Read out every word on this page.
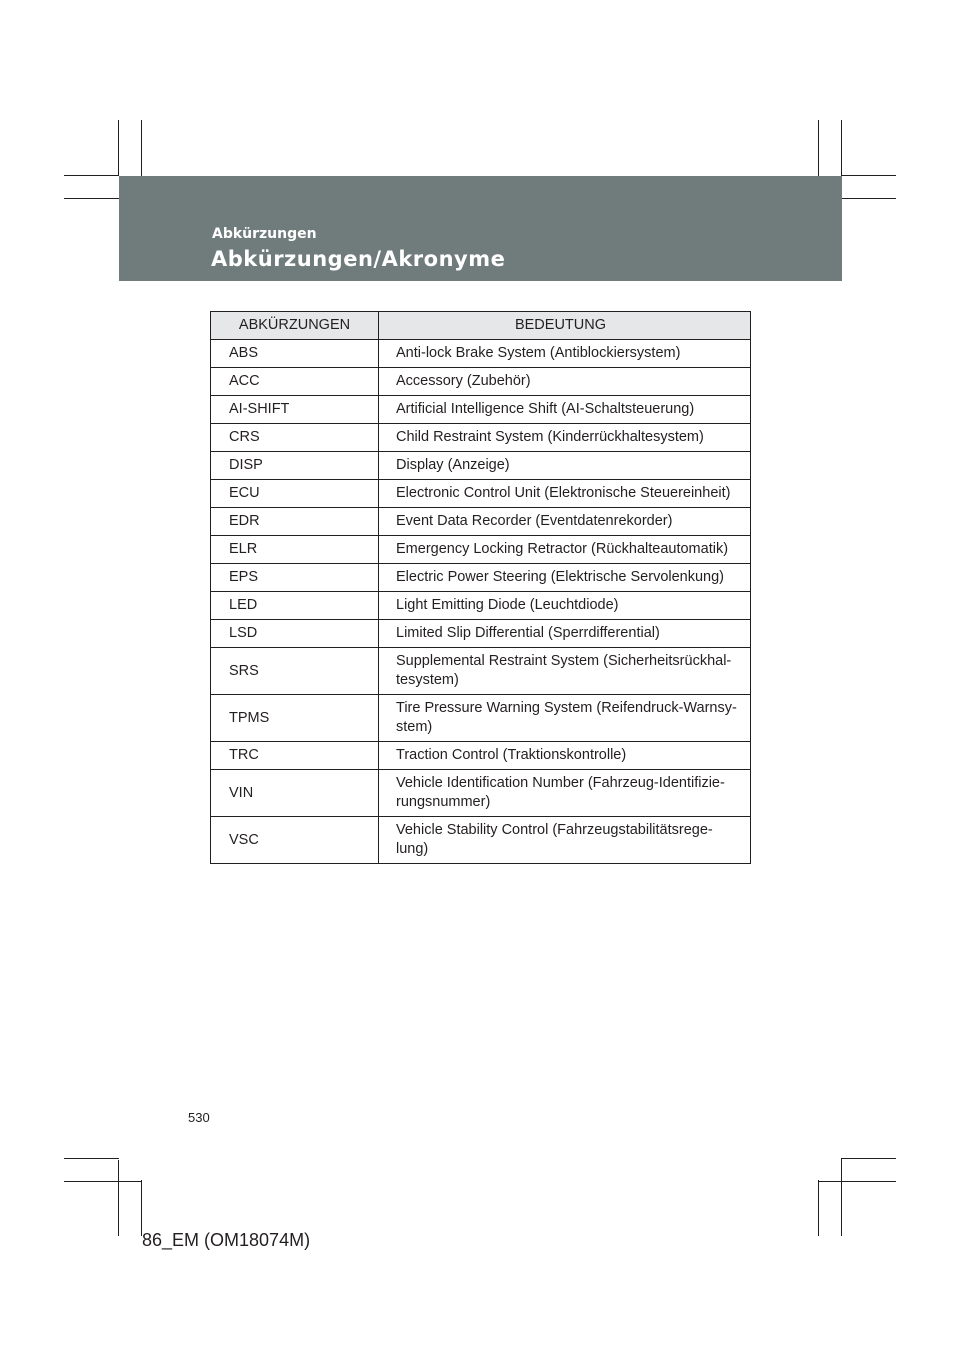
Abkürzungen
Abkürzungen/Akronyme
ABKÜRZUNGEN	BEDEUTUNG
ABS	Anti-lock Brake System (Antiblockiersystem)
ACC	Accessory (Zubehör)
AI-SHIFT	Artificial Intelligence Shift (AI-Schaltsteuerung)
CRS	Child Restraint System (Kinderrückhaltesystem)
DISP	Display (Anzeige)
ECU	Electronic Control Unit (Elektronische Steuereinheit)
EDR	Event Data Recorder (Eventdatenrekorder)
ELR	Emergency Locking Retractor (Rückhalteautomatik)
EPS	Electric Power Steering (Elektrische Servolenkung)
LED	Light Emitting Diode (Leuchtdiode)
LSD	Limited Slip Differential (Sperrdifferential)
SRS	Supplemental Restraint System (Sicherheitsrückhal-tesystem)
TPMS	Tire Pressure Warning System (Reifendruck-Warnsy-stem)
TRC	Traction Control (Traktionskontrolle)
VIN	Vehicle Identification Number (Fahrzeug-Identifizie-rungsnummer)
VSC	Vehicle Stability Control (Fahrzeugstabilitätsrege-lung)
530
86_EM (OM18074M)
